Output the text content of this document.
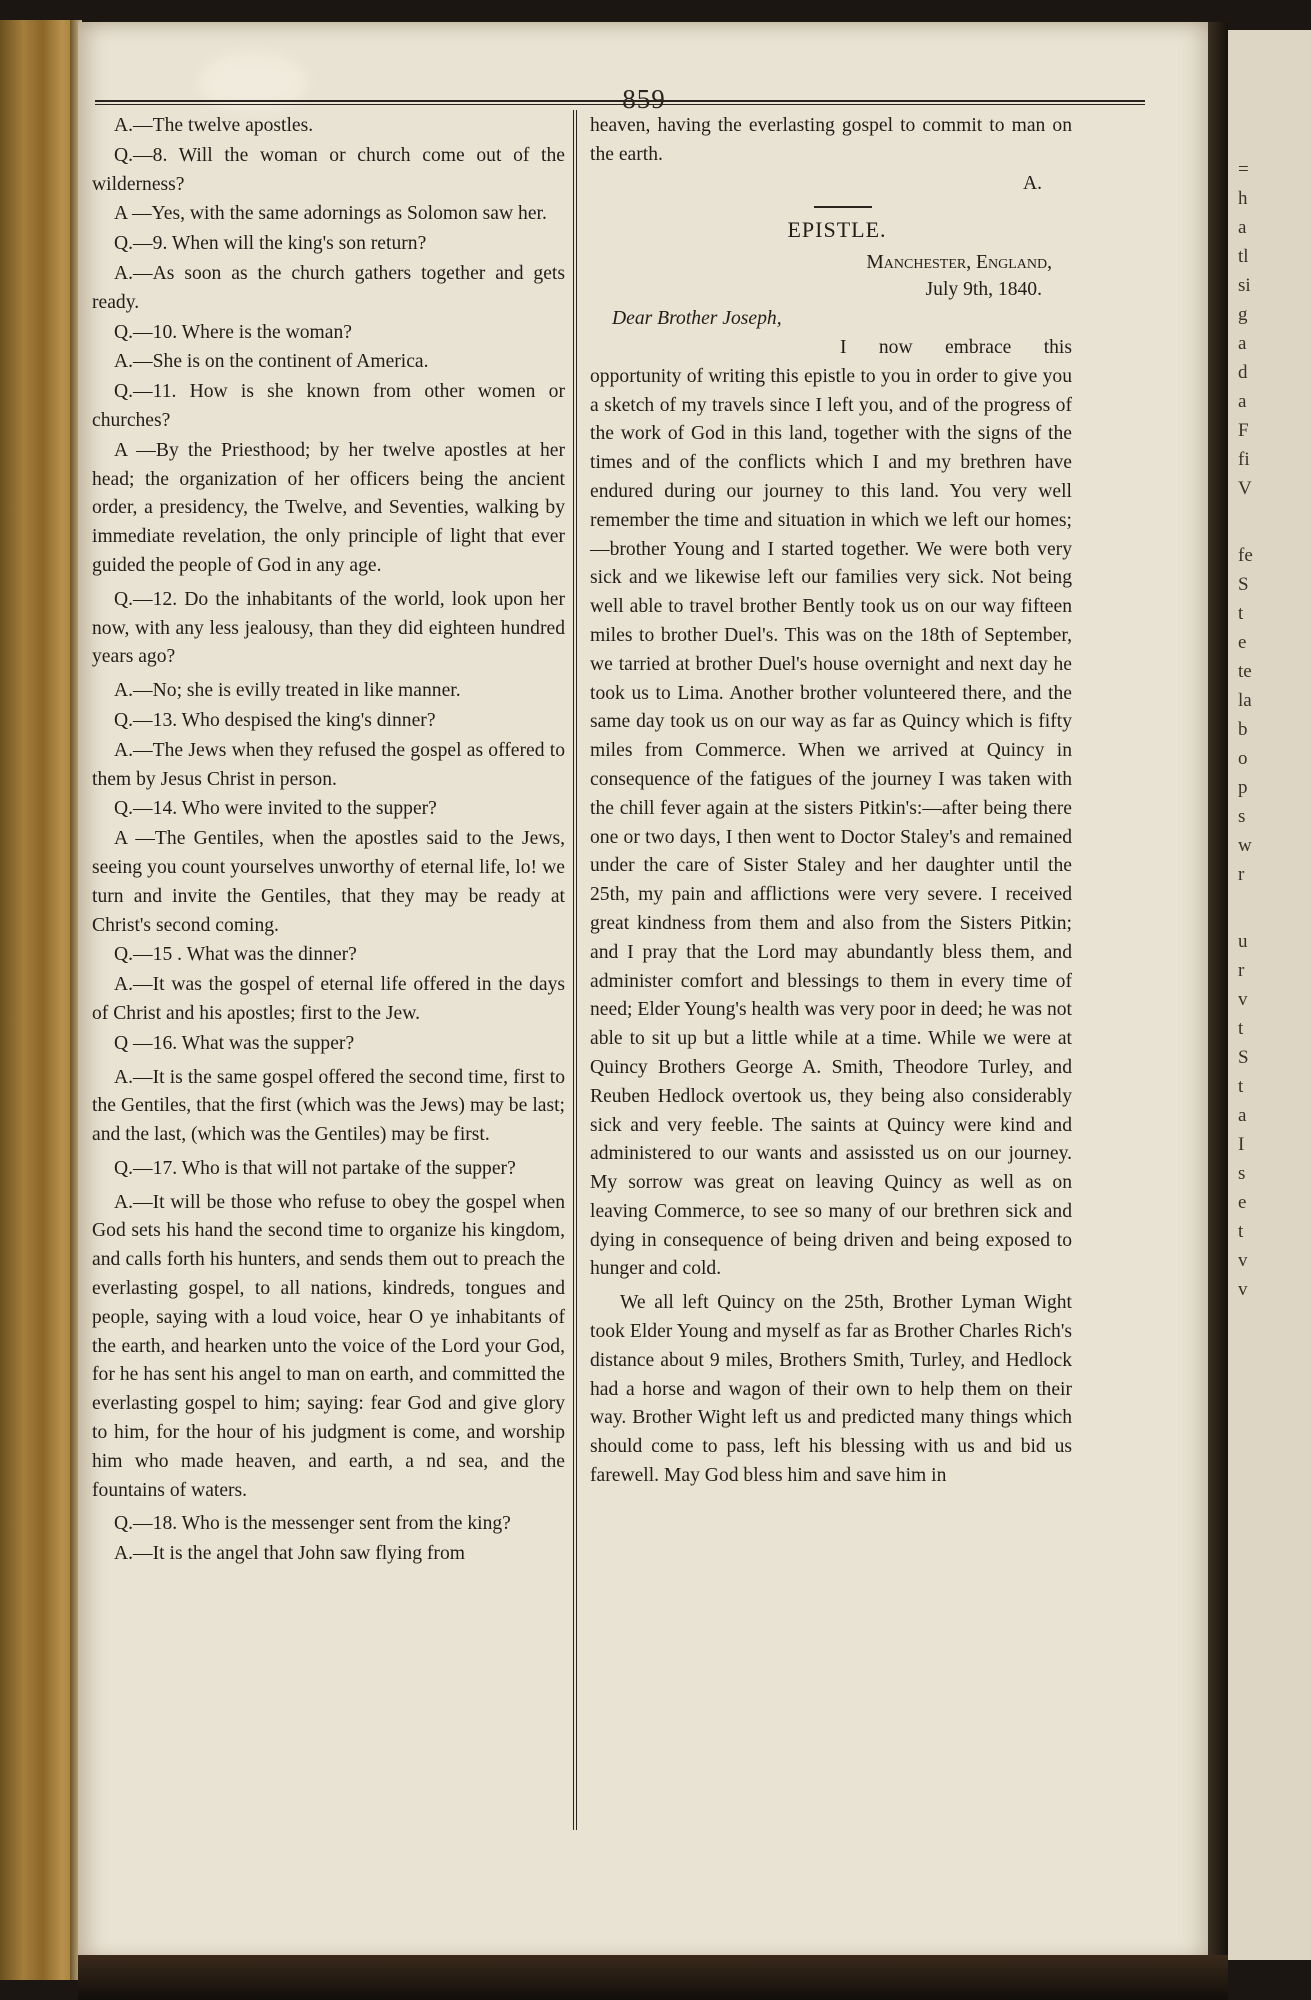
859

A.—The twelve apostles.

Q.—8. Will the woman or church come out of the wilderness?

A —Yes, with the same adornings as Solomon saw her.

Q.—9. When will the king's son return?

A.—As soon as the church gathers together and gets ready.

Q.—10. Where is the woman?

A.—She is on the continent of America.

Q.—11. How is she known from other women or churches?

A —By the Priesthood; by her twelve apostles at her head; the organization of her officers being the ancient order, a presidency, the Twelve, and Seventies, walking by immediate revelation, the only principle of light that ever guided the people of God in any age.

Q.—12. Do the inhabitants of the world, look upon her now, with any less jealousy, than they did eighteen hundred years ago?

A.—No; she is evilly treated in like manner.

Q.—13. Who despised the king's dinner?

A.—The Jews when they refused the gospel as offered to them by Jesus Christ in person.

Q.—14. Who were invited to the supper?

A —The Gentiles, when the apostles said to the Jews, seeing you count yourselves unworthy of eternal life, lo! we turn and invite the Gentiles, that they may be ready at Christ's second coming.

Q.—15 . What was the dinner?

A.—It was the gospel of eternal life offered in the days of Christ and his apostles; first to the Jew.

Q —16. What was the supper?

A.—It is the same gospel offered the second time, first to the Gentiles, that the first (which was the Jews) may be last; and the last, (which was the Gentiles) may be first.

Q.—17. Who is that will not partake of the supper?

A.—It will be those who refuse to obey the gospel when God sets his hand the second time to organize his kingdom, and calls forth his hunters, and sends them out to preach the everlasting gospel, to all nations, kindreds, tongues and people, saying with a loud voice, hear O ye inhabitants of the earth, and hearken unto the voice of the Lord your God, for he has sent his angel to man on earth, and committed the everlasting gospel to him; saying: fear God and give glory to him, for the hour of his judgment is come, and worship him who made heaven, and earth, a nd sea, and the fountains of waters.

Q.—18. Who is the messenger sent from the king?

A.—It is the angel that John saw flying from

heaven, having the everlasting gospel to commit to man on the earth.

A.

EPISTLE.
Manchester, England,
July 9th, 1840.

Dear Brother Joseph,

I now embrace this opportunity of writing this epistle to you in order to give you a sketch of my travels since I left you, and of the progress of the work of God in this land, together with the signs of the times and of the conflicts which I and my brethren have endured during our journey to this land. You very well remember the time and situation in which we left our homes;—brother Young and I started together. We were both very sick and we likewise left our families very sick. Not being well able to travel brother Bently took us on our way fifteen miles to brother Duel's. This was on the 18th of September, we tarried at brother Duel's house overnight and next day he took us to Lima. Another brother volunteered there, and the same day took us on our way as far as Quincy which is fifty miles from Commerce. When we arrived at Quincy in consequence of the fatigues of the journey I was taken with the chill fever again at the sisters Pitkin's:—after being there one or two days, I then went to Doctor Staley's and remained under the care of Sister Staley and her daughter until the 25th, my pain and afflictions were very severe. I received great kindness from them and also from the Sisters Pitkin; and I pray that the Lord may abundantly bless them, and administer comfort and blessings to them in every time of need; Elder Young's health was very poor in deed; he was not able to sit up but a little while at a time. While we were at Quincy Brothers George A. Smith, Theodore Turley, and Reuben Hedlock overtook us, they being also considerably sick and very feeble. The saints at Quincy were kind and administered to our wants and assissted us on our journey. My sorrow was great on leaving Quincy as well as on leaving Commerce, to see so many of our brethren sick and dying in consequence of being driven and being exposed to hunger and cold.

We all left Quincy on the 25th, Brother Lyman Wight took Elder Young and myself as far as Brother Charles Rich's distance about 9 miles, Brothers Smith, Turley, and Hedlock had a horse and wagon of their own to help them on their way. Brother Wight left us and predicted many things which should come to pass, left his blessing with us and bid us farewell. May God bless him and save him in

=
h
a
tl
si
g
a
d
a
F
fi
V
fe
S
t
e
te
la
b
o
p
s
w
r
u
r
v
t
S
t
a
I
s
e
t
v
v
